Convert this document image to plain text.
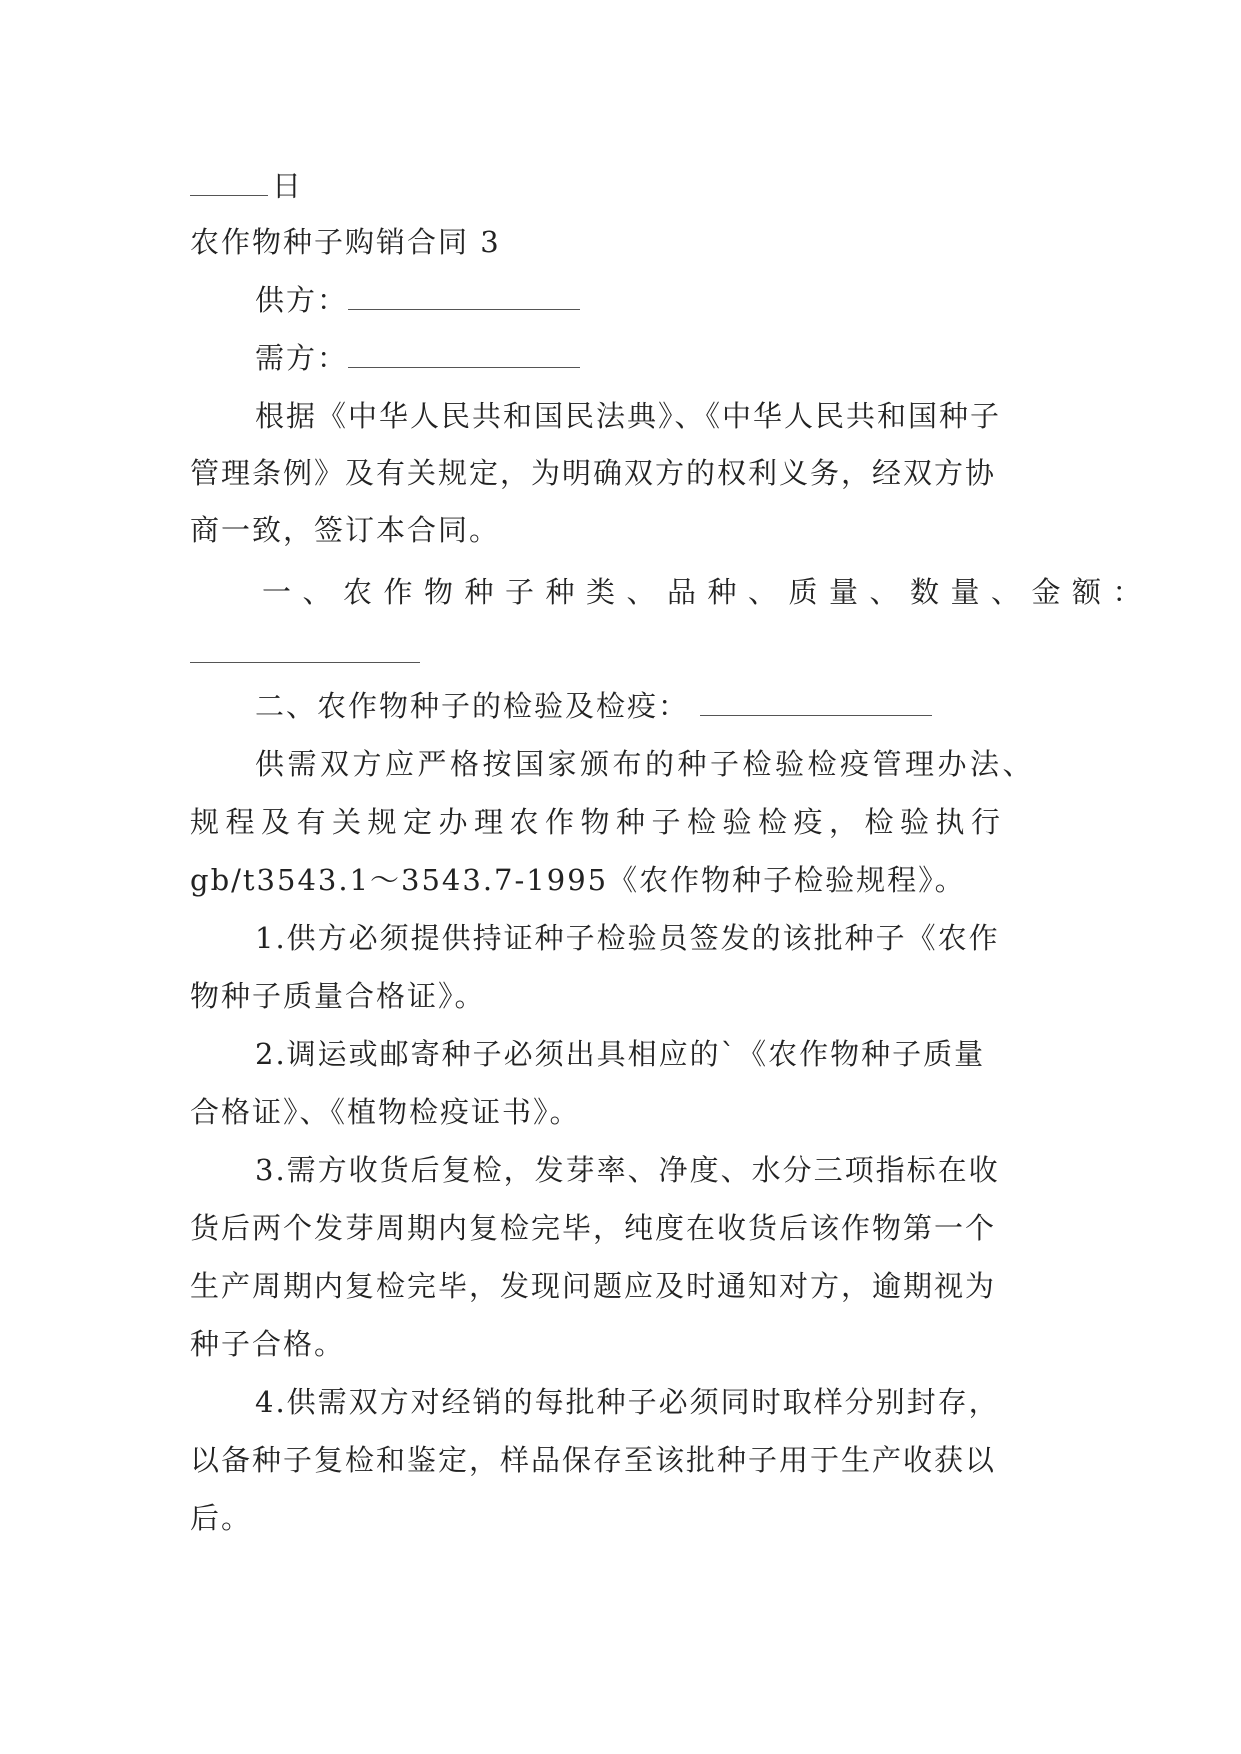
日
农作物种子购销合同 3
供方：
需方：
根据《中华人民共和国民法典》、《中华人民共和国种子
管理条例》及有关规定，为明确双方的权利义务，经双方协
商一致，签订本合同。
一、农作物种子种类、品种、质量、数量、金额：
二、农作物种子的检验及检疫：
供需双方应严格按国家颁布的种子检验检疫管理办法、
规程及有关规定办理农作物种子检验检疫，检验执行
gb/t3543.1～3543.7-1995《农作物种子检验规程》。
1.供方必须提供持证种子检验员签发的该批种子《农作
物种子质量合格证》。
2.调运或邮寄种子必须出具相应的`《农作物种子质量
合格证》、《植物检疫证书》。
3.需方收货后复检，发芽率、净度、水分三项指标在收
货后两个发芽周期内复检完毕，纯度在收货后该作物第一个
生产周期内复检完毕，发现问题应及时通知对方，逾期视为
种子合格。
4.供需双方对经销的每批种子必须同时取样分别封存，
以备种子复检和鉴定，样品保存至该批种子用于生产收获以
后。
